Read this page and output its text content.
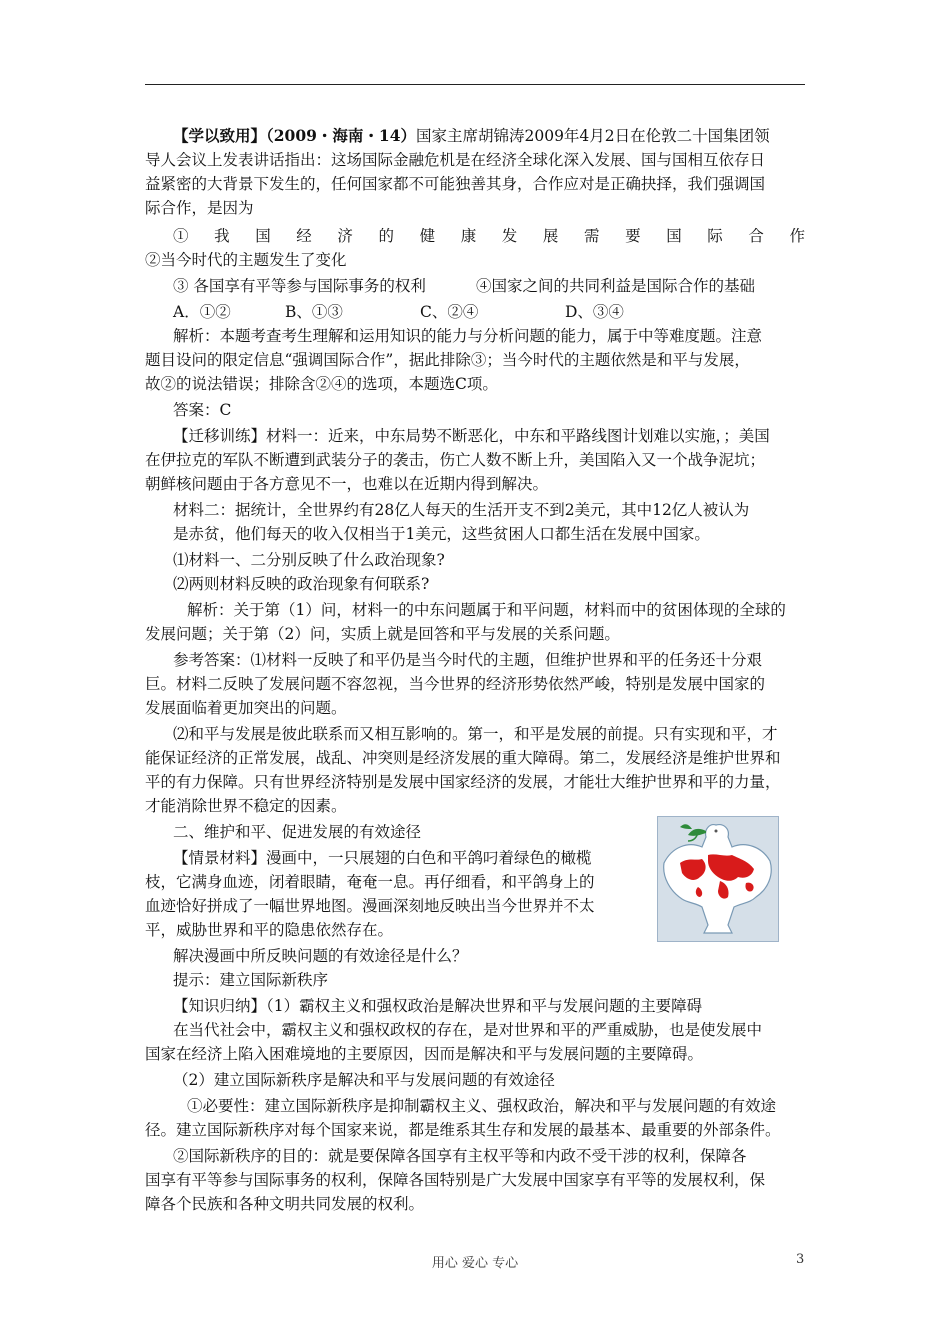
【学以致用】（2009・海南・14）国家主席胡锦涛2009年4月2日在伦敦二十国集团领
导人会议上发表讲话指出：这场国际金融危机是在经济全球化深入发展、国与国相互依存日
益紧密的大背景下发生的，任何国家都不可能独善其身，合作应对是正确抉择，我们强调国
际合作，是因为
①我国经济的健康发展需要国际合作
②当今时代的主题发生了变化
③ 各国享有平等参与国际事务的权利	④国家之间的共同利益是国际合作的基础
A．①②	B、①③	C、②④	D、③④
解析：本题考查考生理解和运用知识的能力与分析问题的能力，属于中等难度题。注意
题目设问的限定信息“强调国际合作”，据此排除③；当今时代的主题依然是和平与发展，
故②的说法错误；排除含②④的选项，本题选C项。
答案：C
【迁移训练】材料一：近来，中东局势不断恶化，中东和平路线图计划难以实施，；美国
在伊拉克的军队不断遭到武装分子的袭击，伤亡人数不断上升，美国陷入又一个战争泥坑；
朝鲜核问题由于各方意见不一，也难以在近期内得到解决。
材料二：据统计，全世界约有28亿人每天的生活开支不到2美元，其中12亿人被认为
是赤贫，他们每天的收入仅相当于1美元，这些贫困人口都生活在发展中国家。
⑴材料一、二分别反映了什么政治现象?
⑵两则材料反映的政治现象有何联系?
解析：关于第（1）问，材料一的中东问题属于和平问题，材料而中的贫困体现的全球的
发展问题；关于第（2）问，实质上就是回答和平与发展的关系问题。
参考答案：⑴材料一反映了和平仍是当今时代的主题，但维护世界和平的任务还十分艰
巨。材料二反映了发展问题不容忽视，当今世界的经济形势依然严峻，特别是发展中国家的
发展面临着更加突出的问题。
⑵和平与发展是彼此联系而又相互影响的。第一，和平是发展的前提。只有实现和平，才
能保证经济的正常发展，战乱、冲突则是经济发展的重大障碍。第二，发展经济是维护世界和
平的有力保障。只有世界经济特别是发展中国家经济的发展，才能壮大维护世界和平的力量，
才能消除世界不稳定的因素。
二、维护和平、促进发展的有效途径
【情景材料】漫画中，一只展翅的白色和平鸽叼着绿色的橄榄
枝，它满身血迹，闭着眼睛，奄奄一息。再仔细看，和平鸽身上的
血迹恰好拼成了一幅世界地图。漫画深刻地反映出当今世界并不太
平，威胁世界和平的隐患依然存在。
解决漫画中所反映问题的有效途径是什么？
提示：建立国际新秩序
【知识归纳】（1）霸权主义和强权政治是解决世界和平与发展问题的主要障碍
在当代社会中，霸权主义和强权政权的存在，是对世界和平的严重威胁，也是使发展中
国家在经济上陷入困难境地的主要原因，因而是解决和平与发展问题的主要障碍。
（2）建立国际新秩序是解决和平与发展问题的有效途径
①必要性：建立国际新秩序是抑制霸权主义、强权政治，解决和平与发展问题的有效途
径。建立国际新秩序对每个国家来说，都是维系其生存和发展的最基本、最重要的外部条件。
②国际新秩序的目的：就是要保障各国享有主权平等和内政不受干涉的权利，保障各
国享有平等参与国际事务的权利，保障各国特别是广大发展中国家享有平等的发展权利，保
障各个民族和各种文明共同发展的权利。
用心 爱心 专心	3
